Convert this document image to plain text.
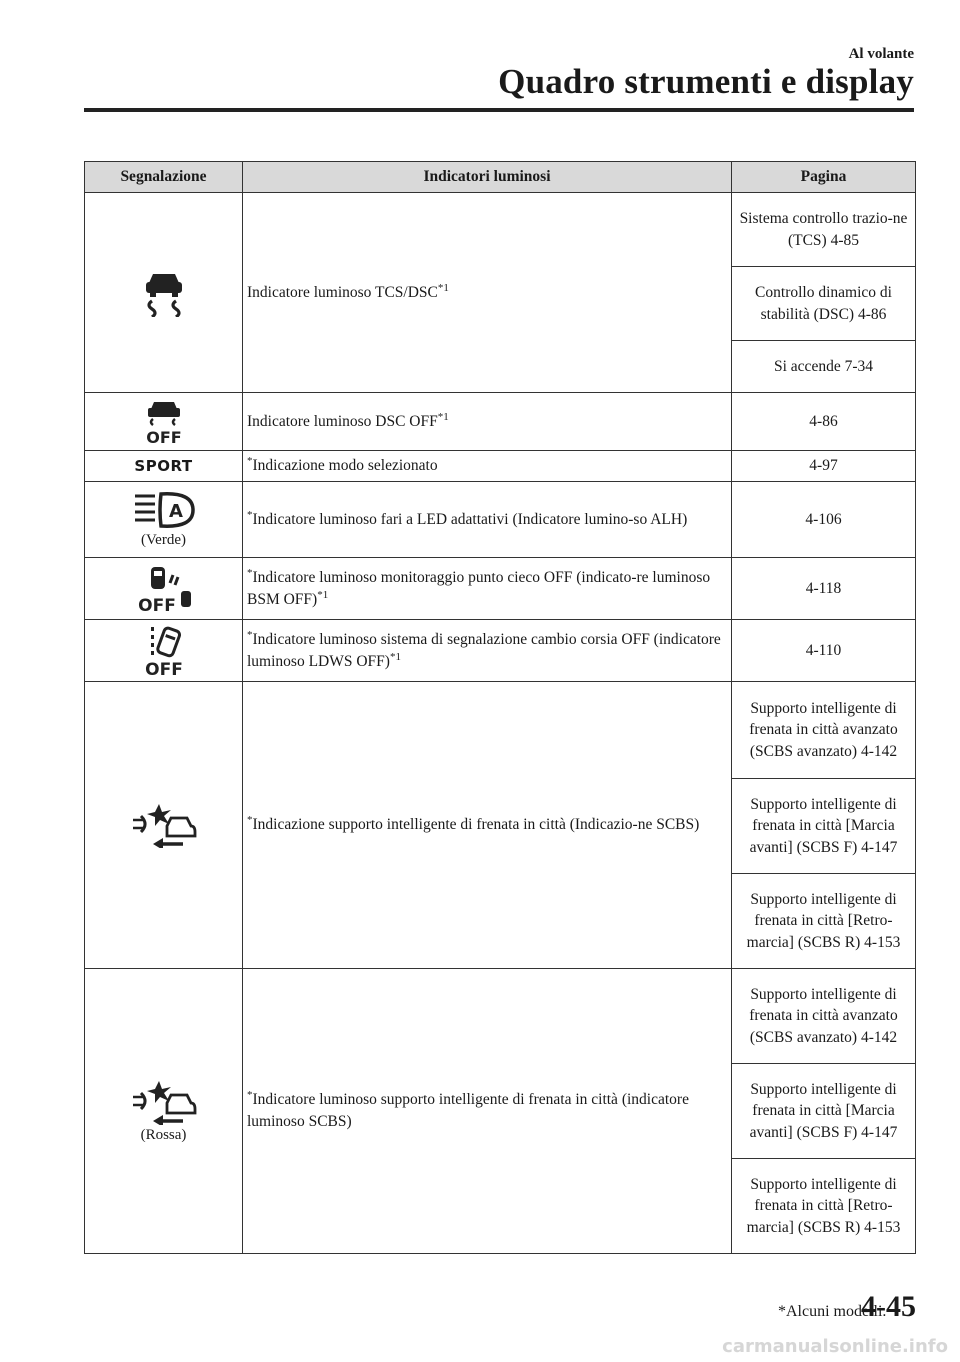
Al volante
Quadro strumenti e display
Segnalazione	Indicatori luminosi	Pagina

	Indicatore luminoso TCS/DSC$^{*1}$	Sistema controllo trazio-ne (TCS) 4-85
		Controllo dinamico di stabilità (DSC) 4-86
		Si accende 7-34

OFF	Indicatore luminoso DSC OFF$^{*1}$	4-86
SPORT	*Indicazione modo selezionato	4-97

A
(Verde)	*Indicatore luminoso fari a LED adattativi (Indicatore lumino-so ALH)	4-106

OFF	*Indicatore luminoso monitoraggio punto cieco OFF (indicato-re luminoso BSM OFF)$^{*1}$	4-118

OFF	*Indicatore luminoso sistema di segnalazione cambio corsia OFF (indicatore luminoso LDWS OFF)$^{*1}$	4-110

	*Indicazione supporto intelligente di frenata in città (Indicazio-ne SCBS)	Supporto intelligente di frenata in città avanzato (SCBS avanzato) 4-142
		Supporto intelligente di frenata in città [Marcia avanti] (SCBS F) 4-147
		Supporto intelligente di frenata in città [Retro-marcia] (SCBS R) 4-153

(Rossa)	*Indicatore luminoso supporto intelligente di frenata in città (indicatore luminoso SCBS)	Supporto intelligente di frenata in città avanzato (SCBS avanzato) 4-142
		Supporto intelligente di frenata in città [Marcia avanti] (SCBS F) 4-147
		Supporto intelligente di frenata in città [Retro-marcia] (SCBS R) 4-153
*Alcuni modelli.
4-45
carmanualsonline.info
